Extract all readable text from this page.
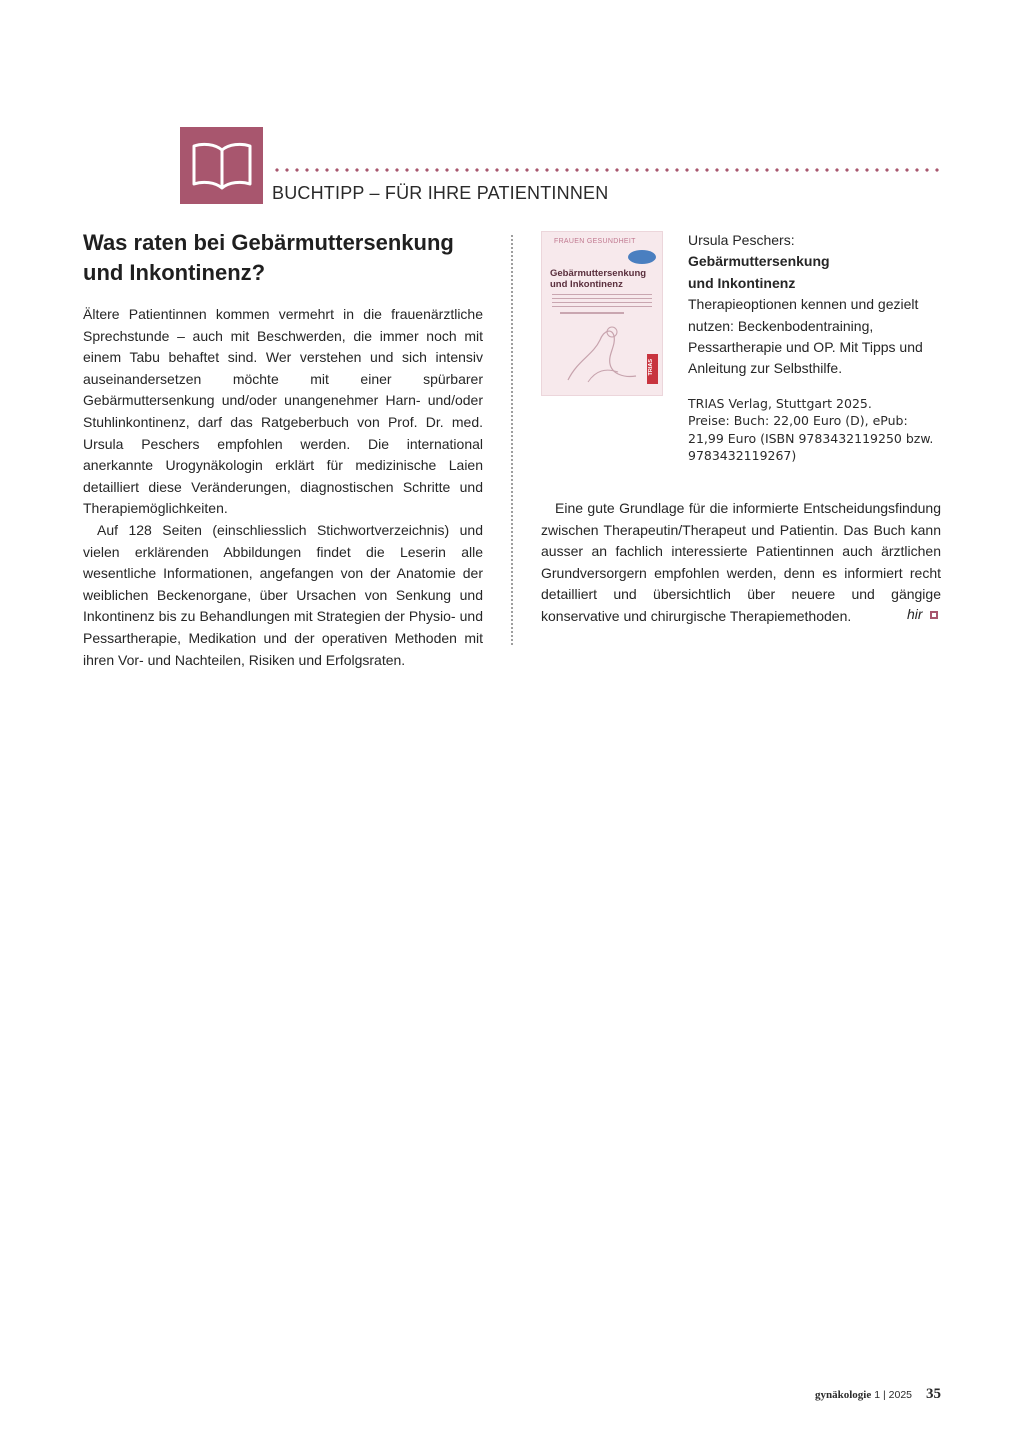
BUCHTIPP – FÜR IHRE PATIENTINNEN
Was raten bei Gebärmuttersenkung und Inkontinenz?

Ältere Patientinnen kommen vermehrt in die frauenärztliche Sprechstunde – auch mit Beschwerden, die immer noch mit einem Tabu behaftet sind. Wer verstehen und sich intensiv auseinandersetzen möchte mit einer spürbarer Gebärmuttersenkung und/oder unangenehmer Harn- und/oder Stuhlinkontinenz, darf das Ratgeberbuch von Prof. Dr. med. Ursula Peschers empfohlen werden. Die international anerkannte Urogynäkologin erklärt für medizinische Laien detailliert diese Veränderungen, diagnostischen Schritte und Therapiemöglichkeiten.

Auf 128 Seiten (einschliesslich Stichwortverzeichnis) und vielen erklärenden Abbildungen findet die Leserin alle wesentliche Informationen, angefangen von der Anatomie der weiblichen Beckenorgane, über Ursachen von Senkung und Inkontinenz bis zu Behandlungen mit Strategien der Physio- und Pessartherapie, Medikation und der operativen Methoden mit ihren Vor- und Nachteilen, Risiken und Erfolgsraten.

FRAUEN GESUNDHEIT
Gebärmuttersenkung und Inkontinenz
TRIAS
Ursula Peschers:
Gebärmuttersenkung
und Inkontinenz
Therapieoptionen kennen und gezielt nutzen: Beckenbodentraining, Pessartherapie und OP. Mit Tipps und Anleitung zur Selbsthilfe.
TRIAS Verlag, Stuttgart 2025.
Preise: Buch: 22,00 Euro (D), ePub: 21,99 Euro (ISBN 9783432119250 bzw. 9783432119267)

Eine gute Grundlage für die informierte Entscheidungsfindung zwischen Therapeutin/Therapeut und Patientin. Das Buch kann ausser an fachlich interessierte Patientinnen auch ärztlichen Grundversorgern empfohlen werden, denn es informiert recht detailliert und übersichtlich über neuere und gängige konservative und chirurgische Therapiemethoden.	hir
gynäkologie 1 | 2025 35
